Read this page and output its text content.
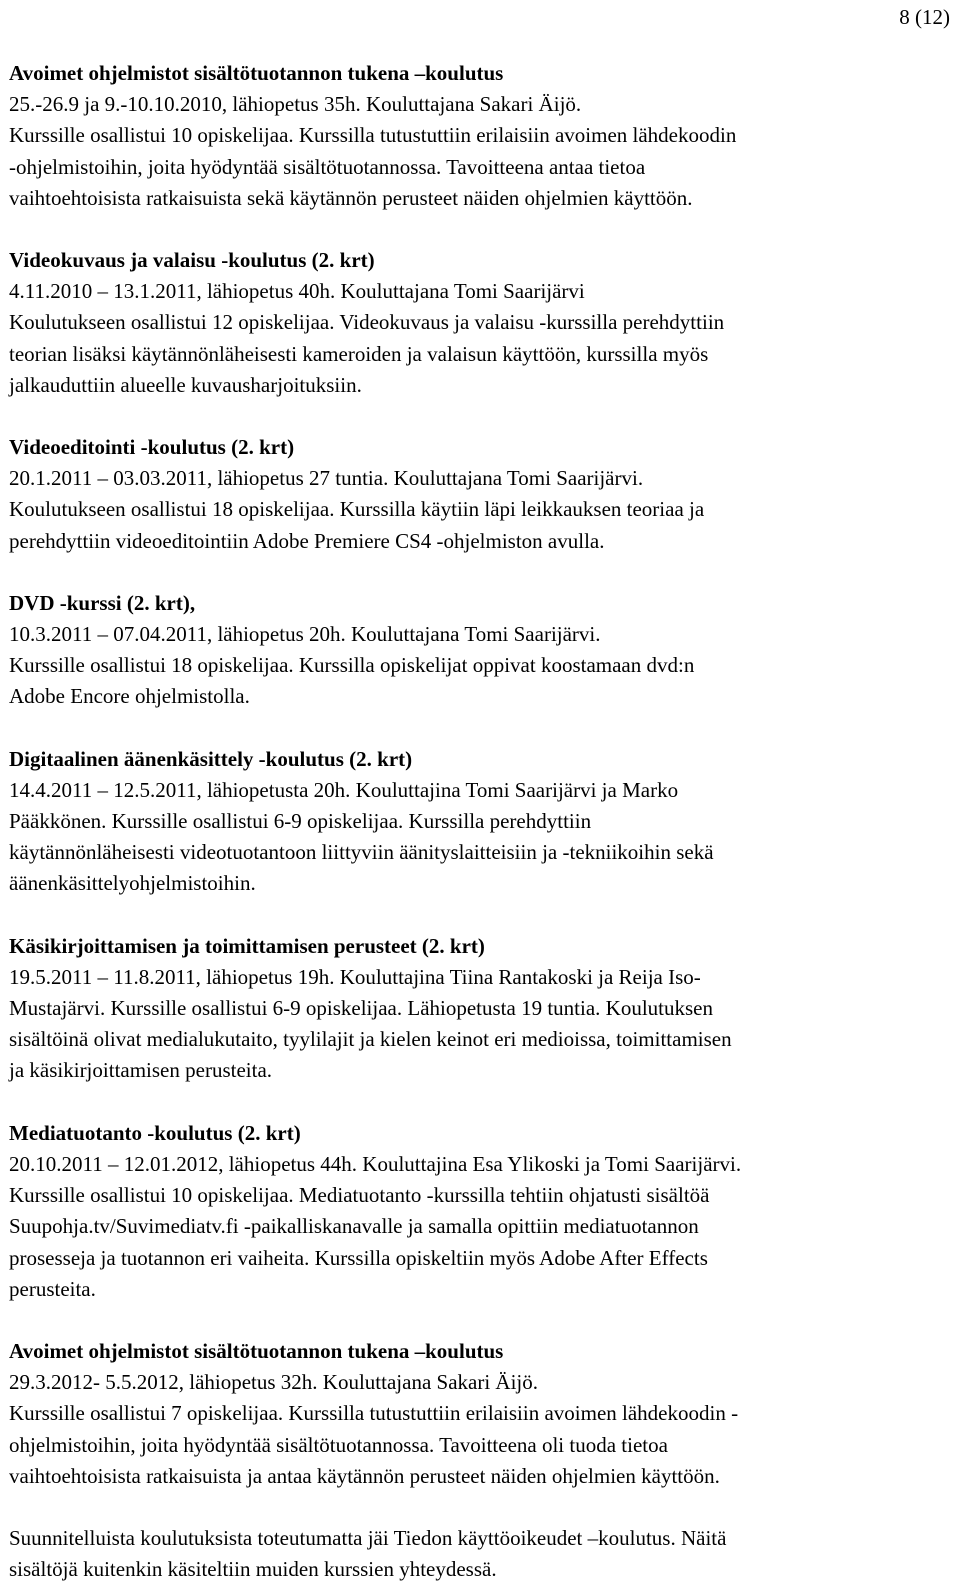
8 (12)
Avoimet ohjelmistot sisältötuotannon tukena –koulutus
25.-26.9 ja 9.-10.10.2010, lähiopetus 35h. Kouluttajana Sakari Äijö.
Kurssille osallistui 10 opiskelijaa. Kurssilla tutustuttiin erilaisiin avoimen lähdekoodin
-ohjelmistoihin, joita hyödyntää sisältötuotannossa. Tavoitteena antaa tietoa
vaihtoehtoisista ratkaisuista sekä käytännön perusteet näiden ohjelmien käyttöön.
Videokuvaus ja valaisu -koulutus (2. krt)
4.11.2010 – 13.1.2011, lähiopetus 40h. Kouluttajana Tomi Saarijärvi
Koulutukseen osallistui 12 opiskelijaa. Videokuvaus ja valaisu -kurssilla perehdyttiin
teorian lisäksi käytännönläheisesti kameroiden ja valaisun käyttöön, kurssilla myös
jalkauduttiin alueelle kuvausharjoituksiin.
Videoeditointi -koulutus (2. krt)
20.1.2011 – 03.03.2011, lähiopetus 27 tuntia. Kouluttajana Tomi Saarijärvi.
Koulutukseen osallistui 18 opiskelijaa. Kurssilla käytiin läpi leikkauksen teoriaa ja
perehdyttiin videoeditointiin Adobe Premiere CS4 -ohjelmiston avulla.
DVD -kurssi (2. krt),
10.3.2011 – 07.04.2011, lähiopetus 20h. Kouluttajana Tomi Saarijärvi.
Kurssille osallistui 18 opiskelijaa. Kurssilla opiskelijat oppivat koostamaan dvd:n
Adobe Encore ohjelmistolla.
Digitaalinen äänenkäsittely -koulutus (2. krt)
14.4.2011 – 12.5.2011, lähiopetusta 20h. Kouluttajina Tomi Saarijärvi ja Marko
Pääkkönen. Kurssille osallistui 6-9 opiskelijaa. Kurssilla perehdyttiin
käytännönläheisesti videotuotantoon liittyviin äänityslaitteisiin ja -tekniikoihin sekä
äänenkäsittelyohjelmistoihin.
Käsikirjoittamisen ja toimittamisen perusteet (2. krt)
19.5.2011 – 11.8.2011, lähiopetus 19h. Kouluttajina Tiina Rantakoski ja Reija Iso-
Mustajärvi. Kurssille osallistui 6-9 opiskelijaa. Lähiopetusta 19 tuntia. Koulutuksen
sisältöinä olivat medialukutaito, tyylilajit ja kielen keinot eri medioissa, toimittamisen
ja käsikirjoittamisen perusteita.
Mediatuotanto -koulutus (2. krt)
20.10.2011 – 12.01.2012, lähiopetus 44h. Kouluttajina Esa Ylikoski ja Tomi Saarijärvi.
Kurssille osallistui 10 opiskelijaa. Mediatuotanto -kurssilla tehtiin ohjatusti sisältöä
Suupohja.tv/Suvimediatv.fi -paikalliskanavalle ja samalla opittiin mediatuotannon
prosesseja ja tuotannon eri vaiheita. Kurssilla opiskeltiin myös Adobe After Effects
perusteita.
Avoimet ohjelmistot sisältötuotannon tukena –koulutus
29.3.2012- 5.5.2012, lähiopetus 32h. Kouluttajana Sakari Äijö.
Kurssille osallistui 7 opiskelijaa. Kurssilla tutustuttiin erilaisiin avoimen lähdekoodin -
ohjelmistoihin, joita hyödyntää sisältötuotannossa. Tavoitteena oli tuoda tietoa
vaihtoehtoisista ratkaisuista ja antaa käytännön perusteet näiden ohjelmien käyttöön.
Suunnitelluista koulutuksista toteutumatta jäi Tiedon käyttöoikeudet –koulutus. Näitä
sisältöjä kuitenkin käsiteltiin muiden kurssien yhteydessä.
